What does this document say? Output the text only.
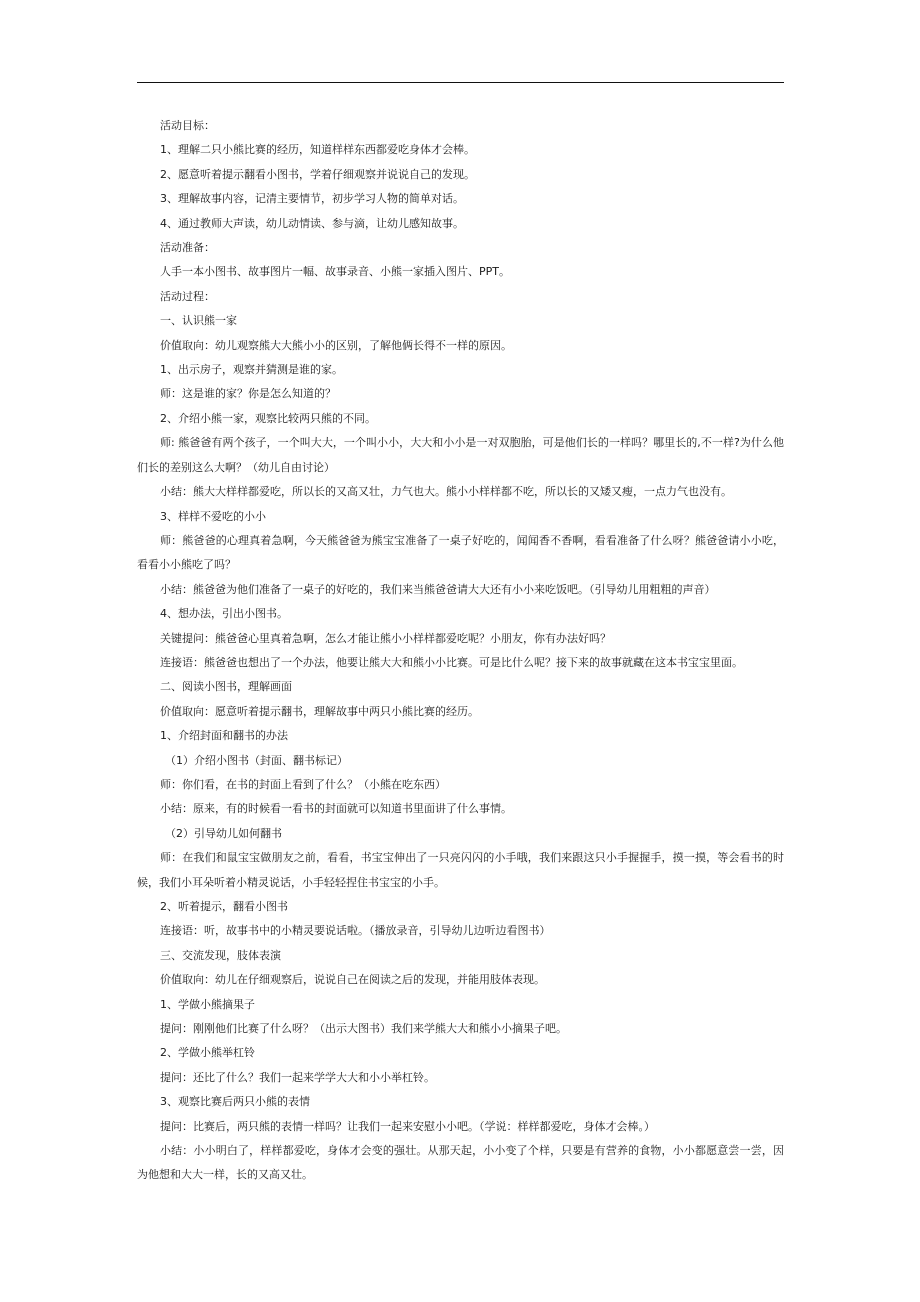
活动目标：
1、理解二只小熊比赛的经历，知道样样东西都爱吃身体才会棒。
2、愿意听着提示翻看小图书，学着仔细观察并说说自己的发现。
3、理解故事内容，记清主要情节，初步学习人物的简单对话。
4、通过教师大声读，幼儿动情读、参与滴，让幼儿感知故事。
活动准备：
人手一本小图书、故事图片一幅、故事录音、小熊一家插入图片、PPT。
活动过程：
一、认识熊一家
价值取向：幼儿观察熊大大熊小小的区别，了解他俩长得不一样的原因。
1、出示房子，观察并猜测是谁的家。
师：这是谁的家？你是怎么知道的？
2、介绍小熊一家，观察比较两只熊的不同。
师: 熊爸爸有两个孩子，一个叫大大，一个叫小小，大大和小小是一对双胞胎，可是他们长的一样吗？哪里长的,不一样?为什么他们长的差别这么大啊？（幼儿自由讨论）
小结：熊大大样样都爱吃，所以长的又高又壮，力气也大。熊小小样样都不吃，所以长的又矮又瘦，一点力气也没有。
3、样样不爱吃的小小
师：熊爸爸的心理真着急啊，今天熊爸爸为熊宝宝准备了一桌子好吃的，闻闻香不香啊，看看准备了什么呀？熊爸爸请小小吃，看看小小熊吃了吗？
小结：熊爸爸为他们准备了一桌子的好吃的，我们来当熊爸爸请大大还有小小来吃饭吧。（引导幼儿用粗粗的声音）
4、想办法，引出小图书。
关键提问：熊爸爸心里真着急啊，怎么才能让熊小小样样都爱吃呢？小朋友，你有办法好吗？
连接语：熊爸爸也想出了一个办法，他要让熊大大和熊小小比赛。可是比什么呢？接下来的故事就藏在这本书宝宝里面。
二、阅读小图书，理解画面
价值取向：愿意听着提示翻书，理解故事中两只小熊比赛的经历。
1、介绍封面和翻书的办法
（1）介绍小图书（封面、翻书标记）
师：你们看，在书的封面上看到了什么？（小熊在吃东西）
小结：原来，有的时候看一看书的封面就可以知道书里面讲了什么事情。
（2）引导幼儿如何翻书
师：在我们和鼠宝宝做朋友之前，看看，书宝宝伸出了一只亮闪闪的小手哦，我们来跟这只小手握握手，摸一摸，等会看书的时候，我们小耳朵听着小精灵说话，小手轻轻捏住书宝宝的小手。
2、听着提示，翻看小图书
连接语：听，故事书中的小精灵要说话啦。（播放录音，引导幼儿边听边看图书）
三、交流发现，肢体表演
价值取向：幼儿在仔细观察后，说说自己在阅读之后的发现，并能用肢体表现。
1、学做小熊摘果子
提问：刚刚他们比赛了什么呀？（出示大图书）我们来学熊大大和熊小小摘果子吧。
2、学做小熊举杠铃
提问：还比了什么？我们一起来学学大大和小小举杠铃。
3、观察比赛后两只小熊的表情
提问：比赛后，两只熊的表情一样吗？让我们一起来安慰小小吧。（学说：样样都爱吃，身体才会棒。）
小结：小小明白了，样样都爱吃，身体才会变的强壮。从那天起，小小变了个样，只要是有营养的食物，小小都愿意尝一尝，因为他想和大大一样，长的又高又壮。
